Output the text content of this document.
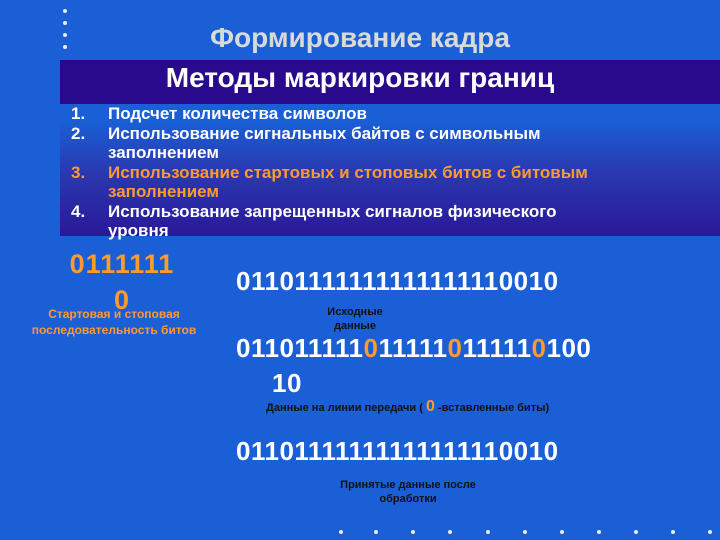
Формирование кадра
Методы маркировки границ
1. Подсчет количества символов
2. Использование сигнальных байтов с символьным
заполнением
3. Использование стартовых и стоповых битов с битовым
заполнением
4. Использование запрещенных сигналов физического
уровня
0111111
0
Стартовая и стоповая
последовательность битов
01101111111111111110010
Исходные
данные
0110111110111110111110100
10
Данные на линии передачи ( 0 -вставленные биты)
01101111111111111110010
Принятые данные после
обработки
